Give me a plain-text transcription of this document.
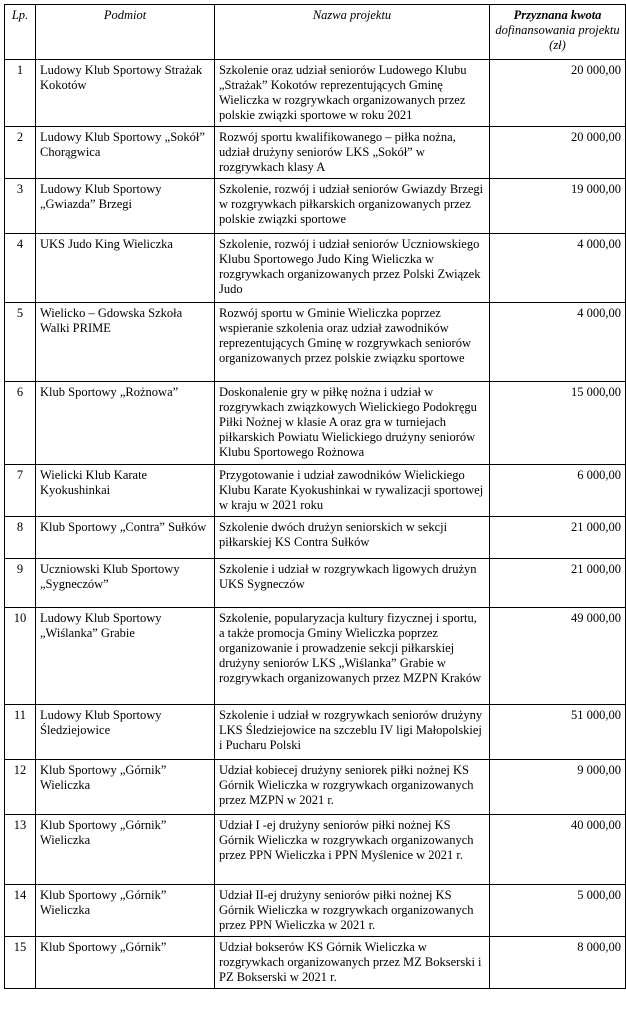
Lp.	Podmiot	Nazwa projektu	Przyznana kwota
dofinansowania projektu (zł)

1	Ludowy Klub Sportowy Strażak Kokotów	Szkolenie oraz udział seniorów Ludowego Klubu „Strażak” Kokotów reprezentujących Gminę Wieliczka w rozgrywkach organizowanych przez polskie związki sportowe w roku 2021	20 000,00
2	Ludowy Klub Sportowy „Sokół” Chorągwica	Rozwój sportu kwalifikowanego – piłka nożna, udział drużyny seniorów LKS „Sokół” w rozgrywkach klasy A	20 000,00
3	Ludowy Klub Sportowy „Gwiazda” Brzegi	Szkolenie, rozwój i udział seniorów Gwiazdy Brzegi w rozgrywkach piłkarskich organizowanych przez polskie związki sportowe	19 000,00
4	UKS Judo King Wieliczka	Szkolenie, rozwój i udział seniorów Uczniowskiego Klubu Sportowego Judo King Wieliczka w rozgrywkach organizowanych przez Polski Związek Judo	4 000,00
5	Wielicko – Gdowska Szkoła Walki PRIME	Rozwój sportu w Gminie Wieliczka poprzez wspieranie szkolenia oraz udział zawodników reprezentujących Gminę w rozgrywkach seniorów organizowanych przez polskie związku sportowe	4 000,00
6	Klub Sportowy „Rożnowa”	Doskonalenie gry w piłkę nożna i udział w rozgrywkach związkowych Wielickiego Podokręgu Piłki Nożnej w klasie A oraz gra w turniejach piłkarskich Powiatu Wielickiego drużyny seniorów Klubu Sportowego Rożnowa	15 000,00
7	Wielicki Klub Karate Kyokushinkai	Przygotowanie i udział zawodników Wielickiego Klubu Karate Kyokushinkai w rywalizacji sportowej w kraju w 2021 roku	6 000,00
8	Klub Sportowy „Contra” Sułków	Szkolenie dwóch drużyn seniorskich w sekcji piłkarskiej KS Contra Sułków	21 000,00
9	Uczniowski Klub Sportowy „Sygneczów”	Szkolenie i udział w rozgrywkach ligowych drużyn UKS Sygneczów	21 000,00
10	Ludowy Klub Sportowy „Wiślanka” Grabie	Szkolenie, popularyzacja kultury fizycznej i sportu, a także promocja Gminy Wieliczka poprzez organizowanie i prowadzenie sekcji piłkarskiej drużyny seniorów LKS „Wiślanka” Grabie w rozgrywkach organizowanych przez MZPN Kraków	49 000,00
11	Ludowy Klub Sportowy Śledziejowice	Szkolenie i udział w rozgrywkach seniorów drużyny LKS Śledziejowice na szczeblu IV ligi Małopolskiej i Pucharu Polski	51 000,00
12	Klub Sportowy „Górnik” Wieliczka	Udział kobiecej drużyny seniorek piłki nożnej KS Górnik Wieliczka w rozgrywkach organizowanych przez MZPN w 2021 r.	9 000,00
13	Klub Sportowy „Górnik” Wieliczka	Udział I -ej drużyny seniorów piłki nożnej KS Górnik Wieliczka w rozgrywkach organizowanych przez PPN Wieliczka i PPN Myślenice w 2021 r.	40 000,00
14	Klub Sportowy „Górnik” Wieliczka	Udział II-ej drużyny seniorów piłki nożnej KS Górnik Wieliczka w rozgrywkach organizowanych przez PPN Wieliczka w 2021 r.	5 000,00
15	Klub Sportowy „Górnik”	Udział bokserów KS Górnik Wieliczka w rozgrywkach organizowanych przez MZ Bokserski i PZ Bokserski w 2021 r.	8 000,00
